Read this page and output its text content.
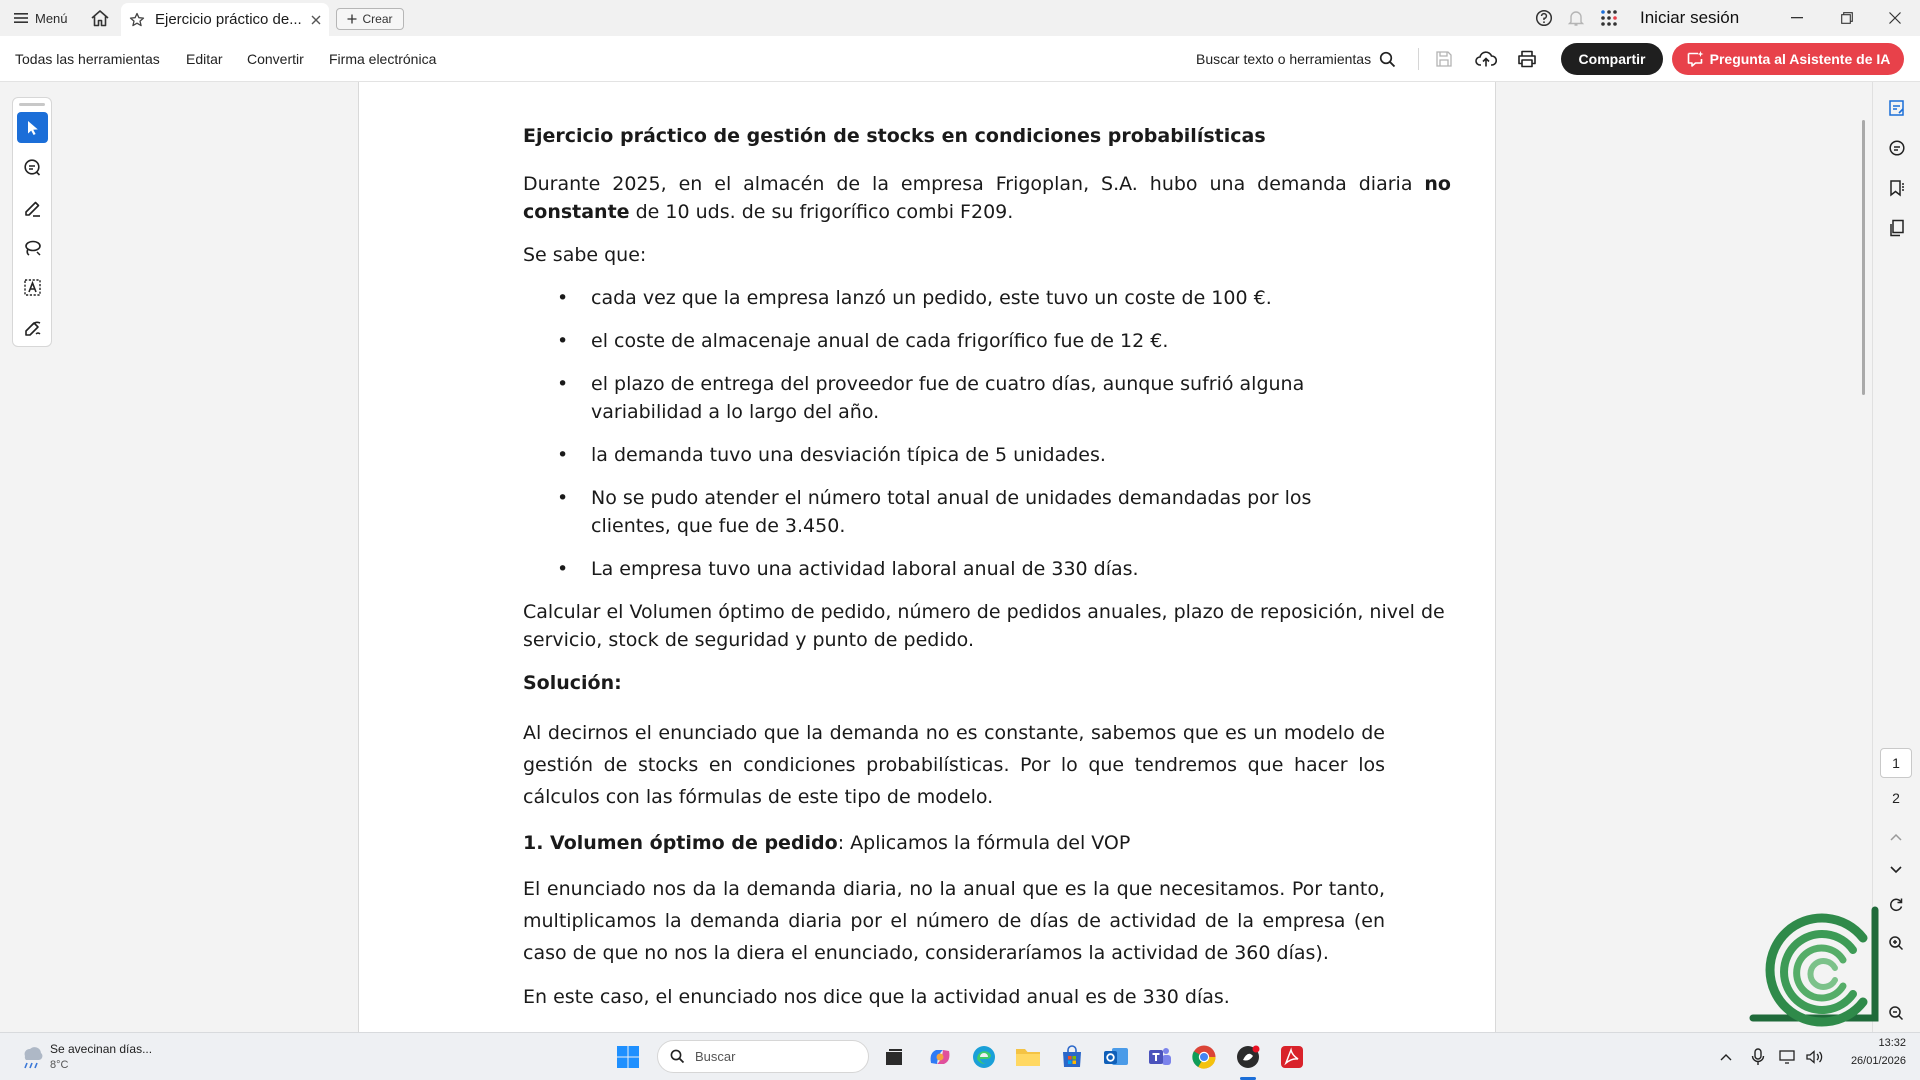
Menú	Ejercicio práctico de...	Crear	Iniciar sesión
Todas las herramientas Editar Convertir Firma electrónica	Buscar texto o herramientas	Compartir	Pregunta al Asistente de IA

Ejercicio práctico de gestión de stocks en condiciones probabilísticas

Durante 2025, en el almacén de la empresa Frigoplan, S.A. hubo una demanda diaria no constante de 10 uds. de su frigorífico combi F209.

Se sabe que:

• cada vez que la empresa lanzó un pedido, este tuvo un coste de 100 €.

• el coste de almacenaje anual de cada frigorífico fue de 12 €.

• el plazo de entrega del proveedor fue de cuatro días, aunque sufrió alguna variabilidad a lo largo del año.

• la demanda tuvo una desviación típica de 5 unidades.

• No se pudo atender el número total anual de unidades demandadas por los clientes, que fue de 3.450.

• La empresa tuvo una actividad laboral anual de 330 días.

Calcular el Volumen óptimo de pedido, número de pedidos anuales, plazo de reposición, nivel de servicio, stock de seguridad y punto de pedido.

Solución:

Al decirnos el enunciado que la demanda no es constante, sabemos que es un modelo de gestión de stocks en condiciones probabilísticas. Por lo que tendremos que hacer los cálculos con las fórmulas de este tipo de modelo.

1. Volumen óptimo de pedido: Aplicamos la fórmula del VOP

El enunciado nos da la demanda diaria, no la anual que es la que necesitamos. Por tanto, multiplicamos la demanda diaria por el número de días de actividad de la empresa (en caso de que no nos la diera el enunciado, consideraríamos la actividad de 360 días).

En este caso, el enunciado nos dice que la actividad anual es de 330 días.

1
2
Se avecinan días...
8°C
Buscar
13:32
26/01/2026
